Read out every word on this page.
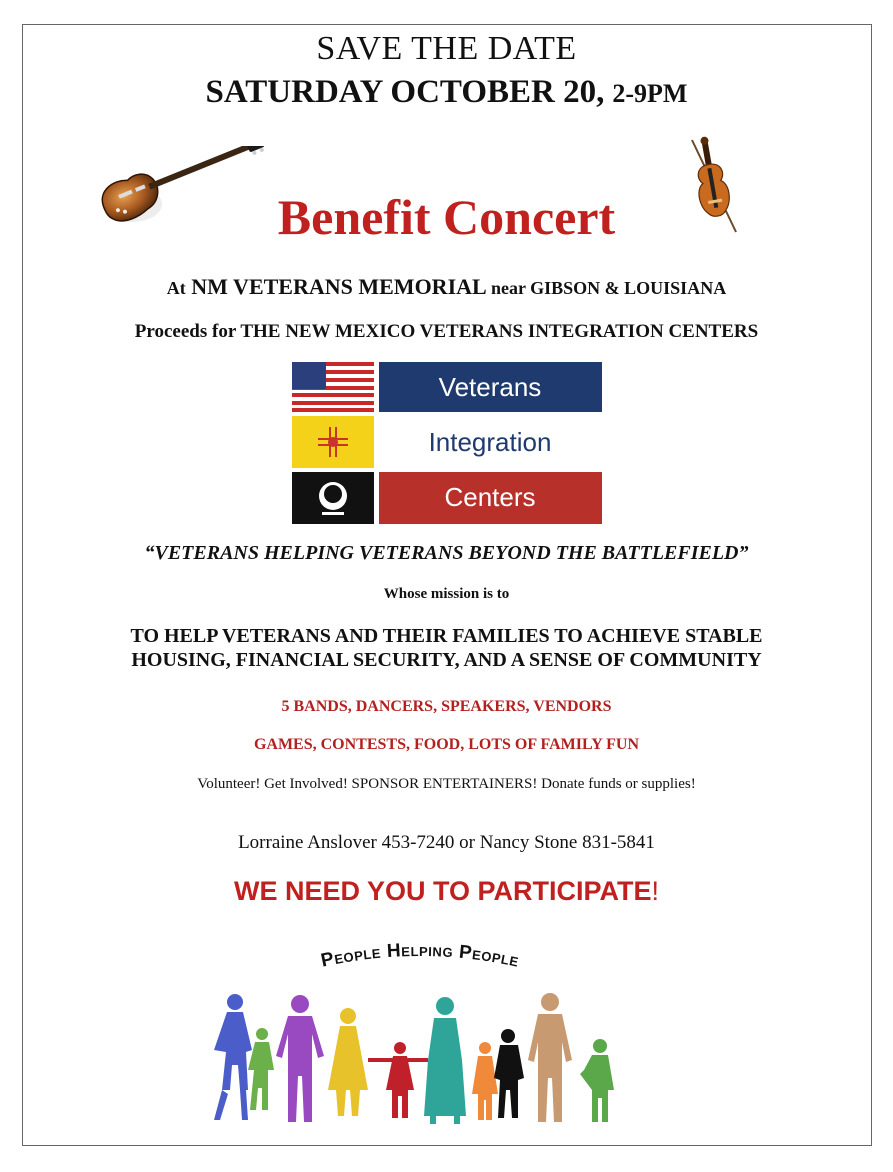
SAVE THE DATE
SATURDAY OCTOBER 20, 2-9PM
Benefit Concert
At NM VETERANS MEMORIAL near GIBSON & LOUISIANA
Proceeds for THE NEW MEXICO VETERANS INTEGRATION CENTERS
Veterans
Integration
Centers
“VETERANS HELPING VETERANS BEYOND THE BATTLEFIELD”
Whose mission is to
TO HELP VETERANS AND THEIR FAMILIES TO ACHIEVE STABLE
HOUSING, FINANCIAL SECURITY, AND A SENSE OF COMMUNITY
5 BANDS, DANCERS, SPEAKERS, VENDORS
GAMES, CONTESTS, FOOD, LOTS OF FAMILY FUN
Volunteer! Get Involved! SPONSOR ENTERTAINERS! Donate funds or supplies!
Lorraine Anslover 453-7240 or Nancy Stone 831-5841
WE NEED YOU TO PARTICIPATE!
People Helping People
